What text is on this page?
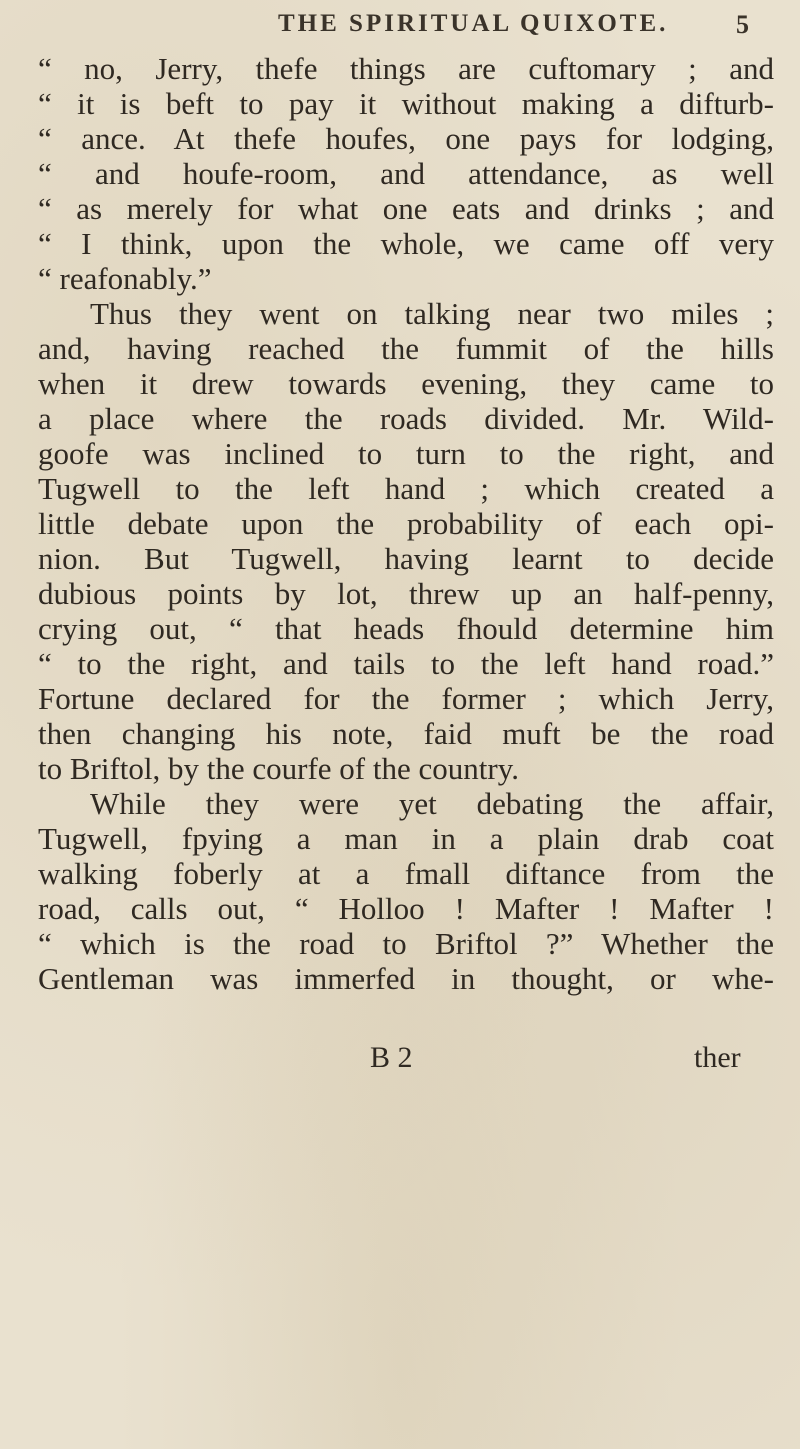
THE SPIRITUAL QUIXOTE.	5
“ no, Jerry, thefe things are cuftomary ; and
“ it is beft to pay it without making a difturb-
“ ance. At thefe houfes, one pays for lodging,
“ and houfe-room, and attendance, as well
“ as merely for what one eats and drinks ; and
“ I think, upon the whole, we came off very
“ reafonably.”
Thus they went on talking near two miles ;
and, having reached the fummit of the hills
when it drew towards evening, they came to
a place where the roads divided. Mr. Wild-
goofe was inclined to turn to the right, and
Tugwell to the left hand ; which created a
little debate upon the probability of each opi-
nion. But Tugwell, having learnt to decide
dubious points by lot, threw up an half-penny,
crying out, “ that heads fhould determine him
“ to the right, and tails to the left hand road.”
Fortune declared for the former ; which Jerry,
then changing his note, faid muft be the road
to Briftol, by the courfe of the country.
While they were yet debating the affair,
Tugwell, fpying a man in a plain drab coat
walking foberly at a fmall diftance from the
road, calls out, “ Holloo ! Mafter ! Mafter !
“ which is the road to Briftol ?” Whether the
Gentleman was immerfed in thought, or whe-
B 2	ther
